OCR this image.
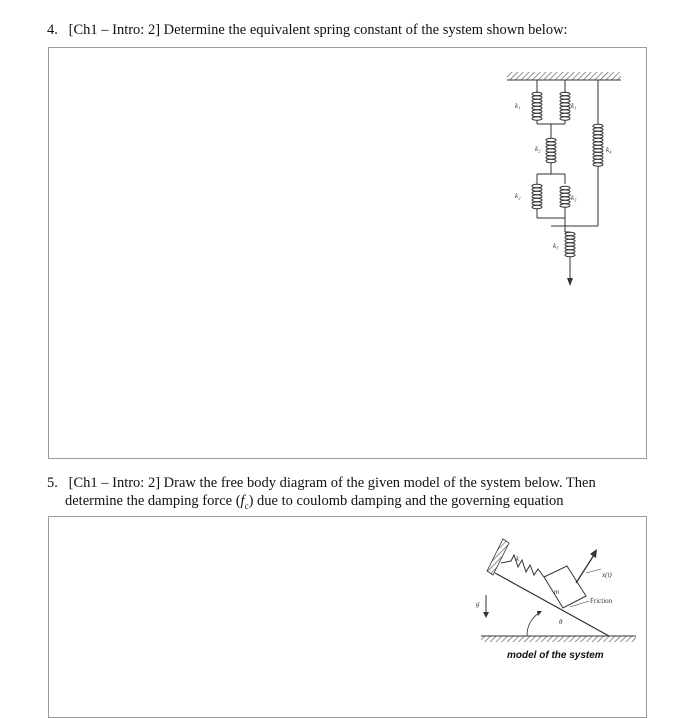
4. [Ch1 – Intro: 2] Determine the equivalent spring constant of the system shown below:
k₁	k₁
k₂
k₂	k₃
k₄
k₅
5. [Ch1 – Intro: 2] Draw the free body diagram of the given model of the system below. Then
determine the damping force $(f_c)$ due to coulomb damping and the governing equation
g
k
m
x(t)
Friction
θ
model of the system
